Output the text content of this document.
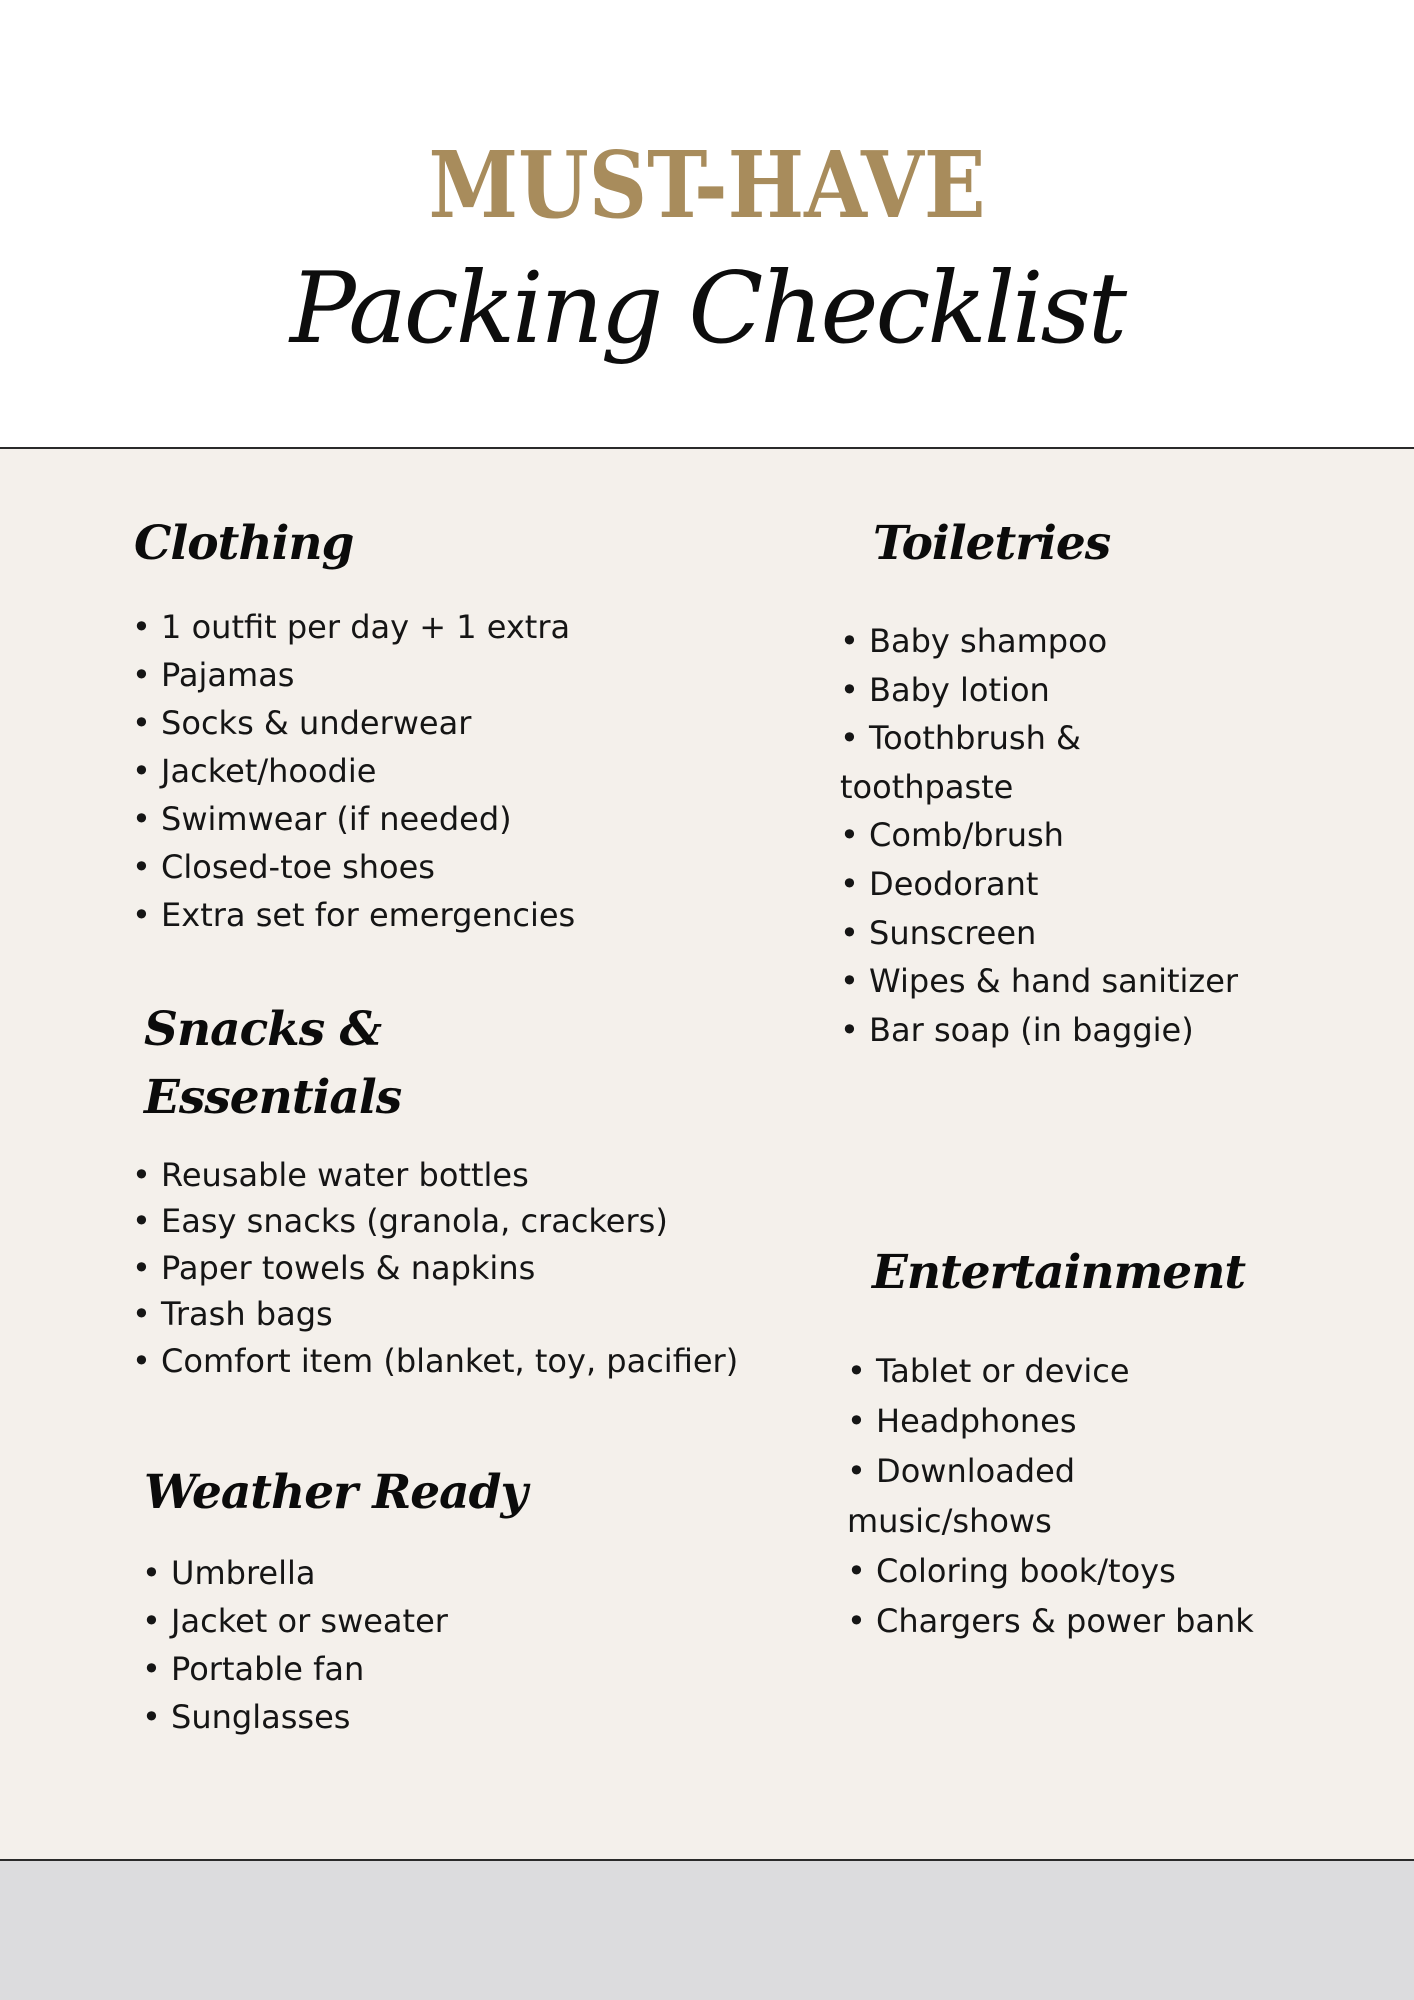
MUST-HAVE
Packing Checklist
Clothing
• 1 outfit per day + 1 extra
• Pajamas
• Socks & underwear
• Jacket/hoodie
• Swimwear (if needed)
• Closed-toe shoes
• Extra set for emergencies
Snacks &
Essentials
• Reusable water bottles
• Easy snacks (granola, crackers)
• Paper towels & napkins
• Trash bags
• Comfort item (blanket, toy, pacifier)
Weather Ready
• Umbrella
• Jacket or sweater
• Portable fan
• Sunglasses
Toiletries
• Baby shampoo
• Baby lotion
• Toothbrush & toothpaste
• Comb/brush
• Deodorant
• Sunscreen
• Wipes & hand sanitizer
• Bar soap (in baggie)
Entertainment
• Tablet or device
• Headphones
• Downloaded music/shows
• Coloring book/toys
• Chargers & power bank
